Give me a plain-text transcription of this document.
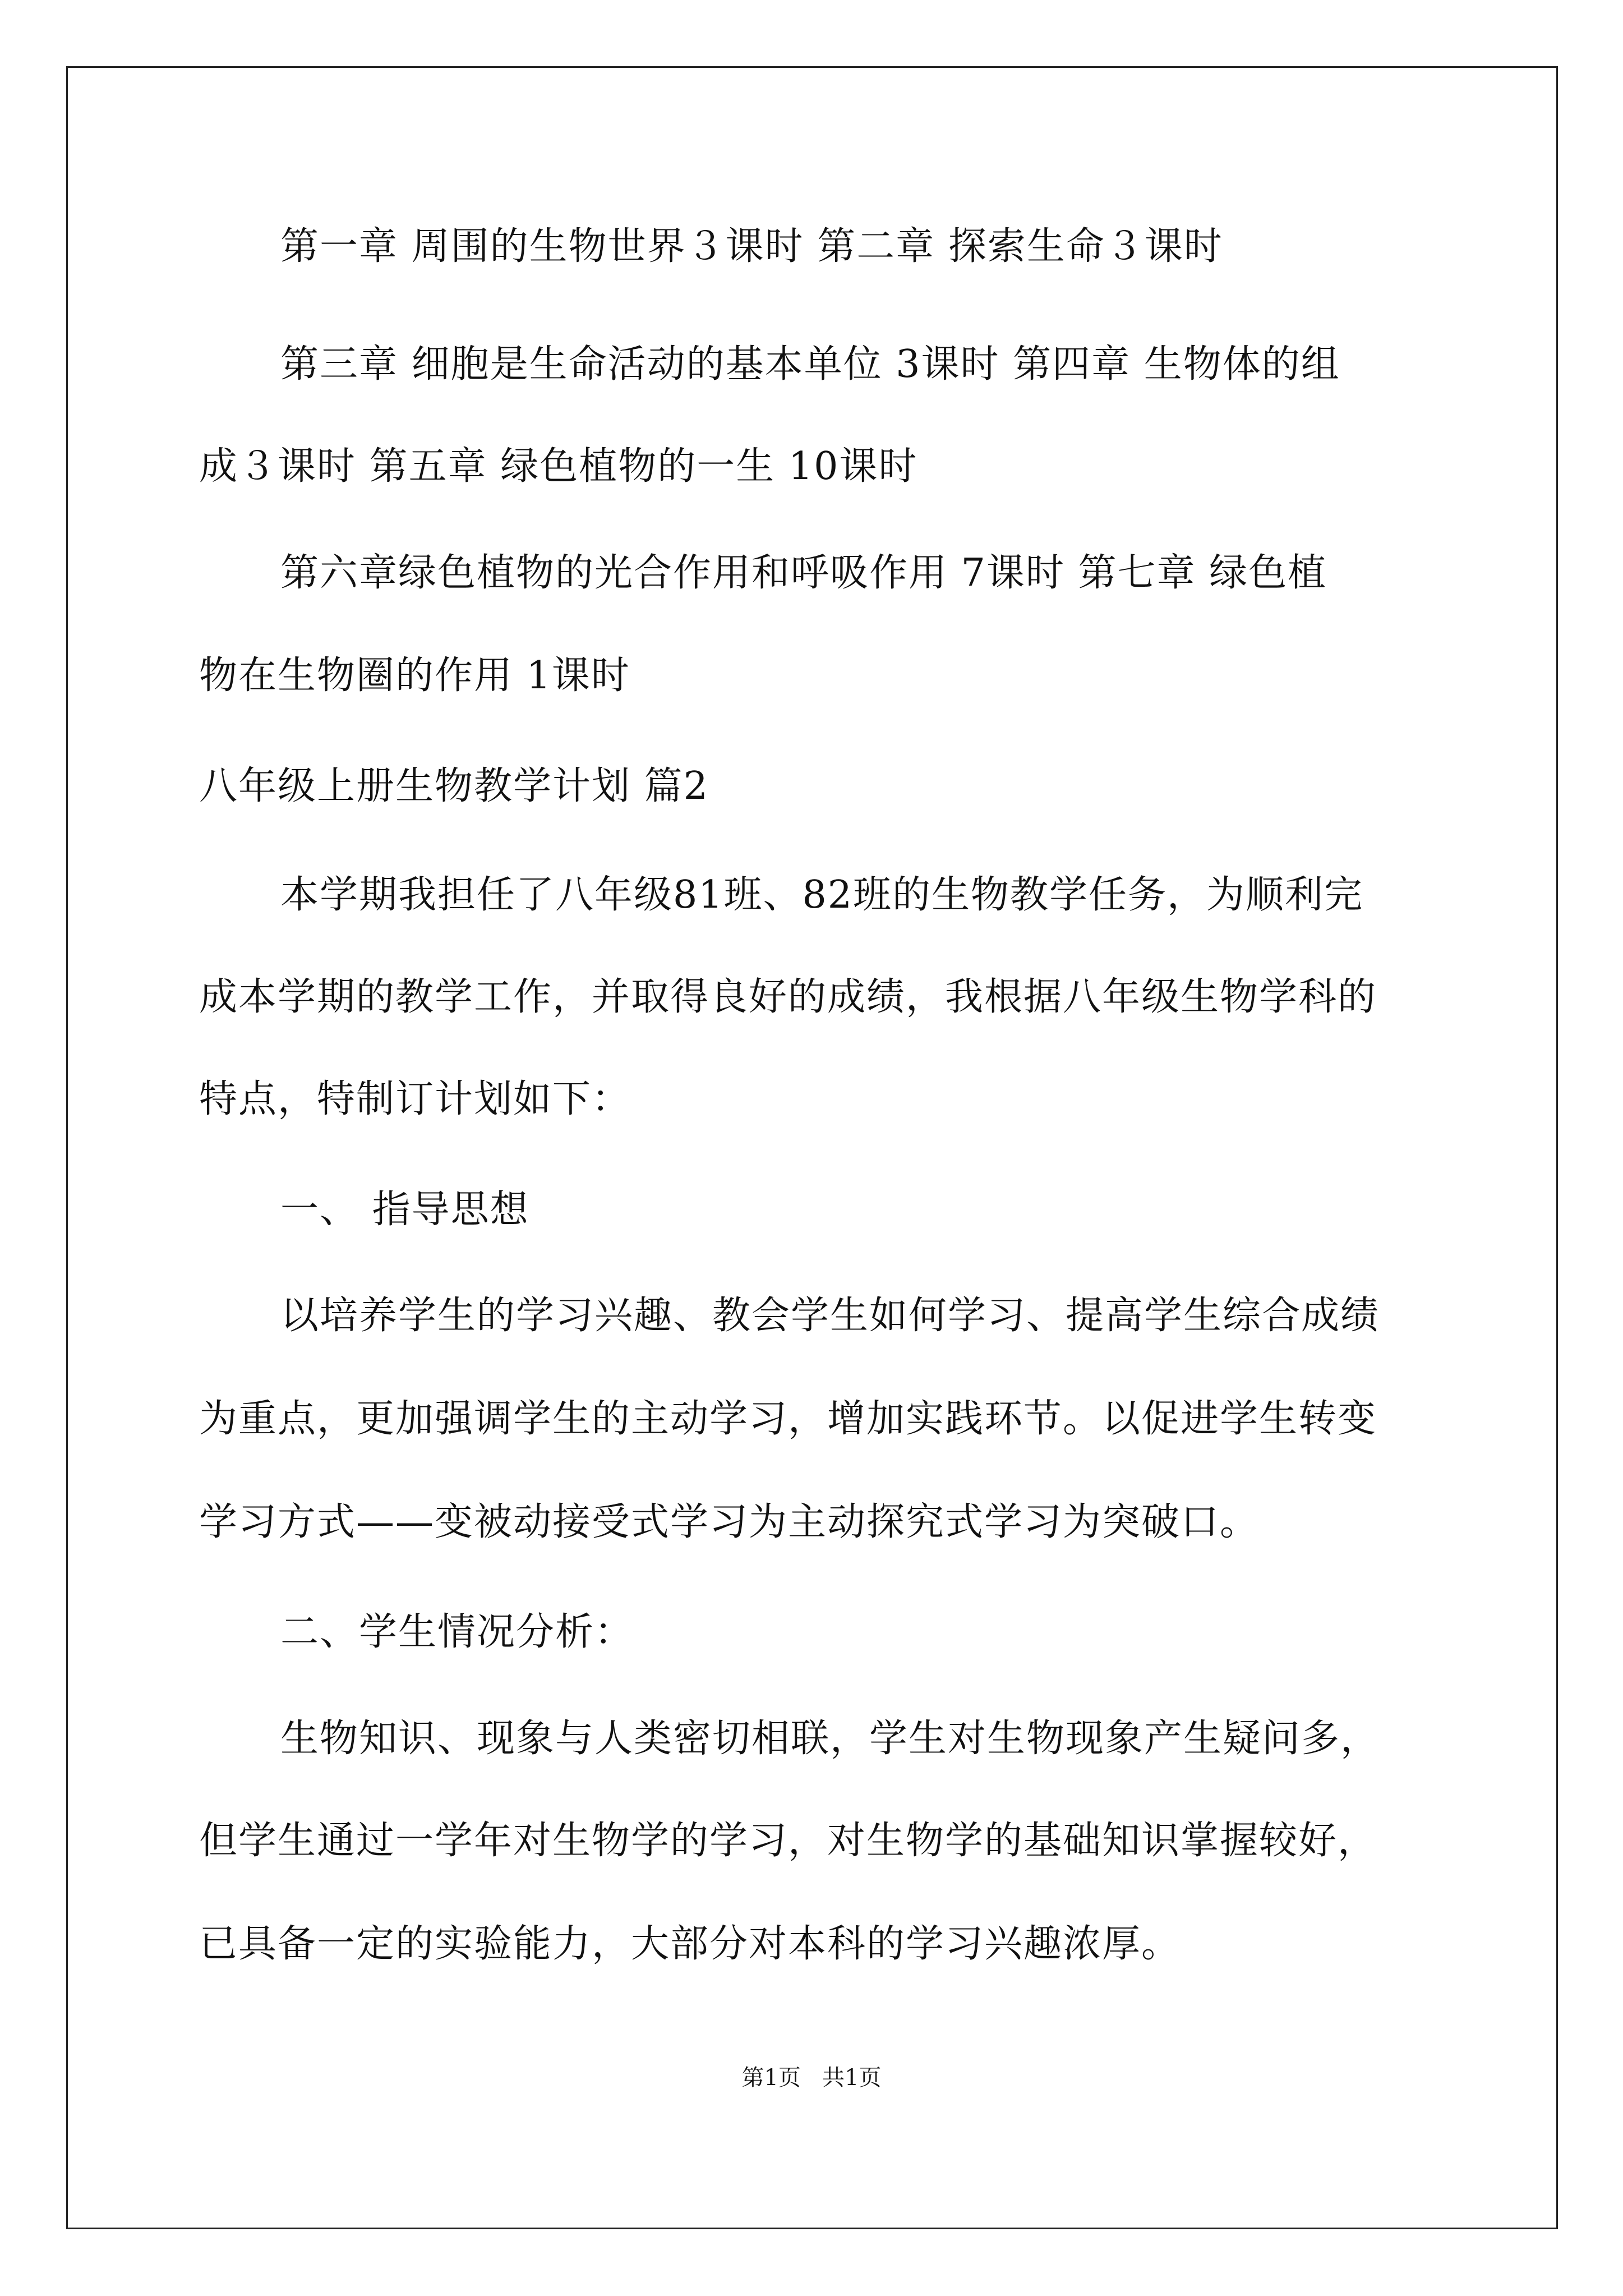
第一章 周围的生物世界３课时 第二章 探索生命３课时
第三章 细胞是生命活动的基本单位 3课时 第四章 生物体的组
成３课时 第五章 绿色植物的一生 10课时
第六章绿色植物的光合作用和呼吸作用 7课时 第七章 绿色植
物在生物圈的作用 1课时
八年级上册生物教学计划 篇2
本学期我担任了八年级81班、82班的生物教学任务，为顺利完
成本学期的教学工作，并取得良好的成绩，我根据八年级生物学科的
特点，特制订计划如下：
一、 指导思想
以培养学生的学习兴趣、教会学生如何学习、提高学生综合成绩
为重点，更加强调学生的主动学习，增加实践环节。以促进学生转变
学习方式——变被动接受式学习为主动探究式学习为突破口。
二、学生情况分析：
生物知识、现象与人类密切相联，学生对生物现象产生疑问多，
但学生通过一学年对生物学的学习，对生物学的基础知识掌握较好，
已具备一定的实验能力，大部分对本科的学习兴趣浓厚。
第1页   共1页
